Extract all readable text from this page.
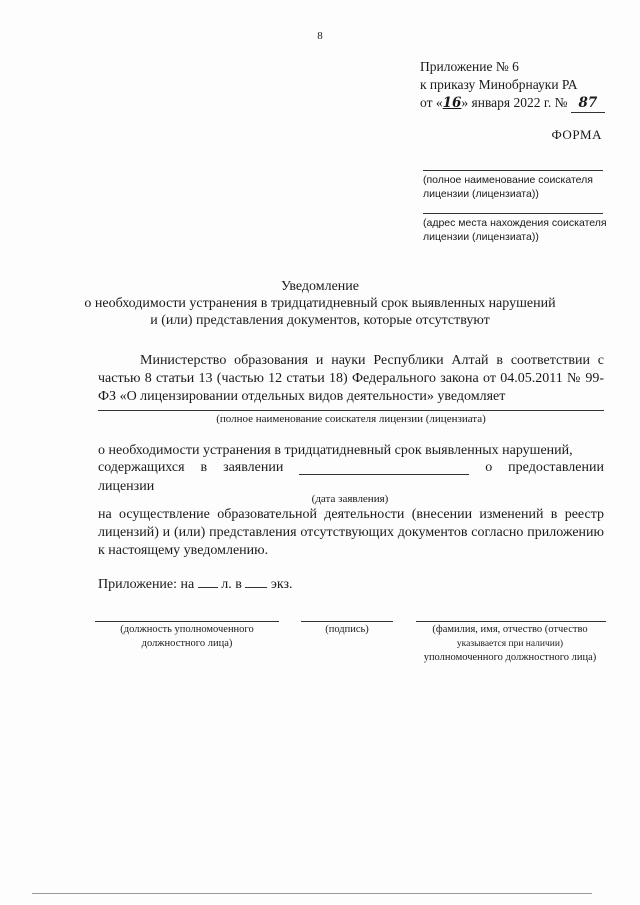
8
Приложение № 6
к приказу Минобрнауки РА
от «16» января 2022 г. № 87
ФОРМА
(полное наименование соискателя лицензии (лицензиата))
(адрес места нахождения соискателя лицензии (лицензиата))
Уведомление
о необходимости устранения в тридцатидневный срок выявленных нарушений
и (или) представления документов, которые отсутствуют

Министерство образования и науки Республики Алтай в соответствии с частью 8 статьи 13 (частью 12 статьи 18) Федерального закона от 04.05.2011 № 99-ФЗ «О лицензировании отдельных видов деятельности» уведомляет

(полное наименование соискателя лицензии (лицензиата)

о необходимости устранения в тридцатидневный срок выявленных нарушений,

содержащихся в заявлении	о предоставлении

лицензии

(дата заявления)

на осуществление образовательной деятельности (внесении изменений в реестр лицензий) и (или) представления отсутствующих документов согласно приложению к настоящему уведомлению.

Приложение: на л. в экз.
(должность уполномоченного должностного лица)
(подпись)	(фамилия, имя, отчество (отчество
указывается при наличии)
уполномоченного должностного лица)
